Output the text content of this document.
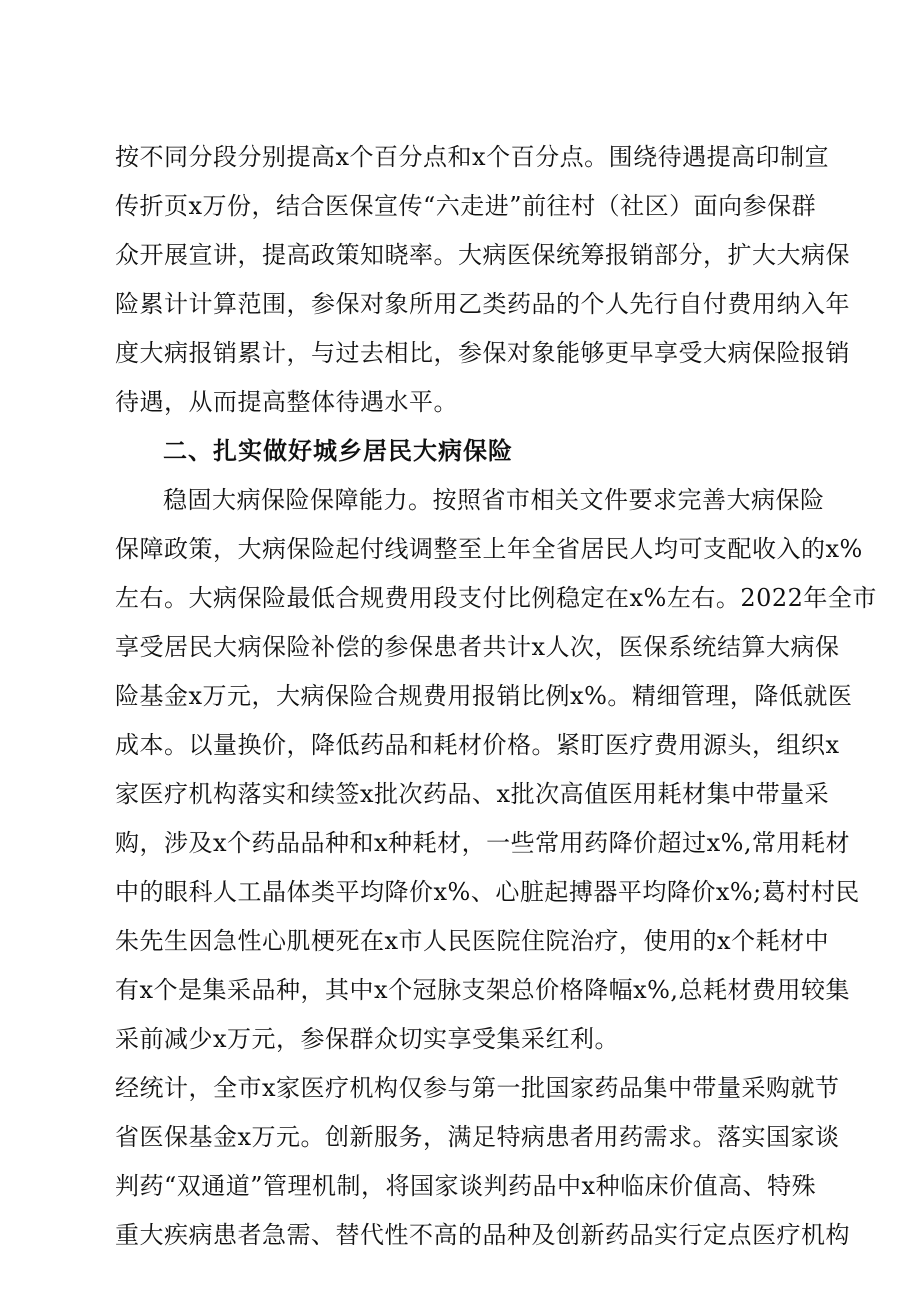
按不同分段分别提高x个百分点和x个百分点。围绕待遇提高印制宣
传折页x万份，结合医保宣传“六走进”前往村（社区）面向参保群
众开展宣讲，提高政策知晓率。大病医保统筹报销部分，扩大大病保
险累计计算范围，参保对象所用乙类药品的个人先行自付费用纳入年
度大病报销累计，与过去相比，参保对象能够更早享受大病保险报销
待遇，从而提高整体待遇水平。
二、扎实做好城乡居民大病保险
稳固大病保险保障能力。按照省市相关文件要求完善大病保险
保障政策，大病保险起付线调整至上年全省居民人均可支配收入的x%
左右。大病保险最低合规费用段支付比例稳定在x%左右。2022年全市
享受居民大病保险补偿的参保患者共计x人次，医保系统结算大病保
险基金x万元，大病保险合规费用报销比例x%。精细管理，降低就医
成本。以量换价，降低药品和耗材价格。紧盯医疗费用源头，组织x
家医疗机构落实和续签x批次药品、x批次高值医用耗材集中带量采
购，涉及x个药品品种和x种耗材，一些常用药降价超过x%,常用耗材
中的眼科人工晶体类平均降价x%、心脏起搏器平均降价x%;葛村村民
朱先生因急性心肌梗死在x市人民医院住院治疗，使用的x个耗材中
有x个是集采品种，其中x个冠脉支架总价格降幅x%,总耗材费用较集
采前减少x万元，参保群众切实享受集采红利。
经统计，全市x家医疗机构仅参与第一批国家药品集中带量采购就节
省医保基金x万元。创新服务，满足特病患者用药需求。落实国家谈
判药“双通道”管理机制，将国家谈判药品中x种临床价值高、特殊
重大疾病患者急需、替代性不高的品种及创新药品实行定点医疗机构
